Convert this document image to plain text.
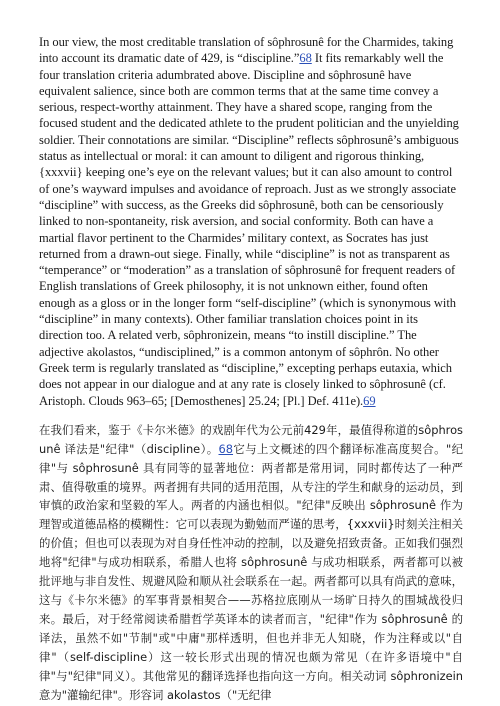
In our view, the most creditable translation of sôphrosunê for the Charmides, taking into account its dramatic date of 429, is “discipline.”68 It fits remarkably well the four translation criteria adumbrated above. Discipline and sôphrosunê have equivalent salience, since both are common terms that at the same time convey a serious, respect-worthy attainment. They have a shared scope, ranging from the focused student and the dedicated athlete to the prudent politician and the unyielding soldier. Their connotations are similar. “Discipline” reflects sôphrosunê’s ambiguous status as intellectual or moral: it can amount to diligent and rigorous thinking, {xxxvii} keeping one’s eye on the relevant values; but it can also amount to control of one’s wayward impulses and avoidance of reproach. Just as we strongly associate “discipline” with success, as the Greeks did sôphrosunê, both can be censoriously linked to non-spontaneity, risk aversion, and social conformity. Both can have a martial flavor pertinent to the Charmides’ military context, as Socrates has just returned from a drawn-out siege. Finally, while “discipline” is not as transparent as “temperance” or “moderation” as a translation of sôphrosunê for frequent readers of English translations of Greek philosophy, it is not unknown either, found often enough as a gloss or in the longer form “self-discipline” (which is synonymous with “discipline” in many contexts). Other familiar translation choices point in its direction too. A related verb, sôphronizein, means “to instill discipline.” The adjective akolastos, “undisciplined,” is a common antonym of sôphrôn. No other Greek term is regularly translated as “discipline,” excepting perhaps eutaxia, which does not appear in our dialogue and at any rate is closely linked to sôphrosunê (cf. Aristoph. Clouds 963–65; [Demosthenes] 25.24; [Pl.] Def. 411e).69

在我们看来，鉴于《卡尔米德》的戏剧年代为公元前429年，最值得称道的sôphrosunê 译法是"纪律"（discipline）。68它与上文概述的四个翻译标准高度契合。"纪律"与 sôphrosunê 具有同等的显著地位：两者都是常用词，同时都传达了一种严肃、值得敬重的境界。两者拥有共同的适用范围，从专注的学生和献身的运动员，到审慎的政治家和坚毅的军人。两者的内涵也相似。"纪律"反映出 sôphrosunê 作为理智或道德品格的模糊性：它可以表现为勤勉而严谨的思考，{xxxvii}时刻关注相关的价值；但也可以表现为对自身任性冲动的控制，以及避免招致责备。正如我们强烈地将"纪律"与成功相联系，希腊人也将 sôphrosunê 与成功相联系，两者都可以被批评地与非自发性、规避风险和顺从社会联系在一起。两者都可以具有尚武的意味，这与《卡尔米德》的军事背景相契合——苏格拉底刚从一场旷日持久的围城战役归来。最后，对于经常阅读希腊哲学英译本的读者而言，"纪律"作为 sôphrosunê 的译法，虽然不如"节制"或"中庸"那样透明，但也并非无人知晓，作为注释或以"自律"（self-discipline）这一较长形式出现的情况也颇为常见（在许多语境中"自律"与"纪律"同义）。其他常见的翻译选择也指向这一方向。相关动词 sôphronizein 意为"灌输纪律"。形容词 akolastos（"无纪律
